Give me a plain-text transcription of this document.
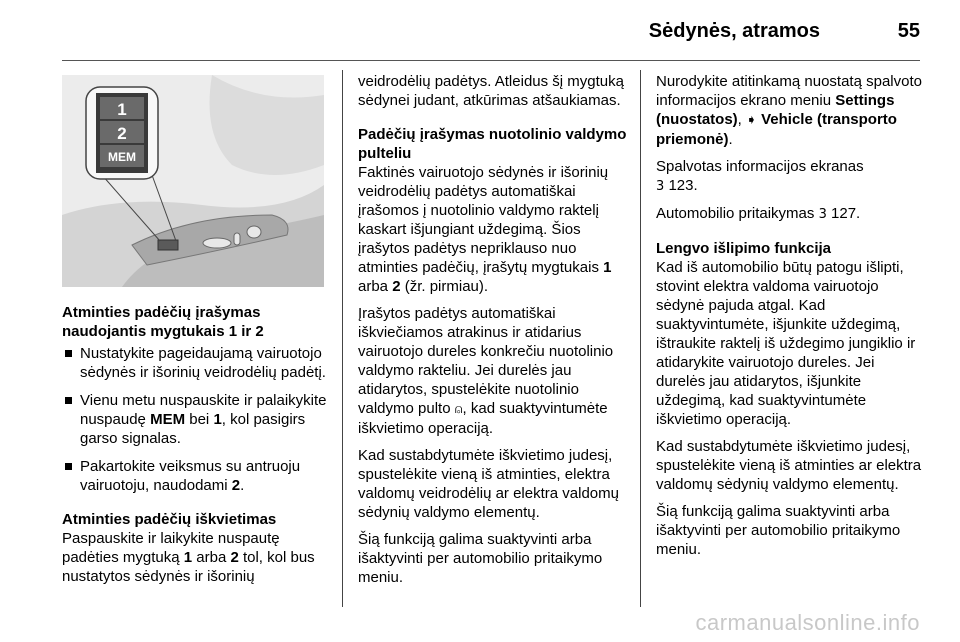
Sėdynės, atramos	55
1
2
MEM
Atminties padėčių įrašymas
naudojantis mygtukais 1 ir 2
Nustatykite pageidaujamą vairuotojo sėdynės ir išorinių veidrodėlių padėtį.
Vienu metu nuspauskite ir palaikykite nuspaudę MEM bei 1, kol pasigirs garso signalas.
Pakartokite veiksmus su antruoju vairuotoju, naudodami 2.
Atminties padėčių iškvietimas

Paspauskite ir laikykite nuspautę padėties mygtuką 1 arba 2 tol, kol bus nustatytos sėdynės ir išorinių

veidrodėlių padėtys. Atleidus šį mygtuką sėdynei judant, atkūrimas atšaukiamas.

Padėčių įrašymas nuotolinio valdymo pulteliu

Faktinės vairuotojo sėdynės ir išorinių veidrodėlių padėtys automatiškai įrašomos į nuotolinio valdymo raktelį kaskart išjungiant uždegimą. Šios įrašytos padėtys nepriklauso nuo atminties padėčių, įrašytų mygtukais 1 arba 2 (žr. pirmiau).

Įrašytos padėtys automatiškai iškviečiamos atrakinus ir atidarius vairuotojo dureles konkrečiu nuotolinio valdymo rakteliu. Jei durelės jau atidarytos, spustelėkite nuotolinio valdymo pulto ⍝, kad suaktyvintumėte iškvietimo operaciją.

Kad sustabdytumėte iškvietimo judesį, spustelėkite vieną iš atminties, elektra valdomų veidrodėlių ar elektra valdomų sėdynių valdymo elementų.

Šią funkciją galima suaktyvinti arba išaktyvinti per automobilio pritaikymo meniu.

Nurodykite atitinkamą nuostatą spalvoto informacijos ekrano meniu Settings (nuostatos), ➧ Vehicle (transporto priemonė).

Spalvotas informacijos ekranas
3 123.

Automobilio pritaikymas 3 127.

Lengvo išlipimo funkcija

Kad iš automobilio būtų patogu išlipti, stovint elektra valdoma vairuotojo sėdynė pajuda atgal. Kad suaktyvintumėte, išjunkite uždegimą, ištraukite raktelį iš uždegimo jungiklio ir atidarykite vairuotojo dureles. Jei durelės jau atidarytos, išjunkite uždegimą, kad suaktyvintumėte iškvietimo operaciją.

Kad sustabdytumėte iškvietimo judesį, spustelėkite vieną iš atminties ar elektra valdomų sėdynių valdymo elementų.

Šią funkciją galima suaktyvinti arba išaktyvinti per automobilio pritaikymo meniu.

carmanualsonline.info
